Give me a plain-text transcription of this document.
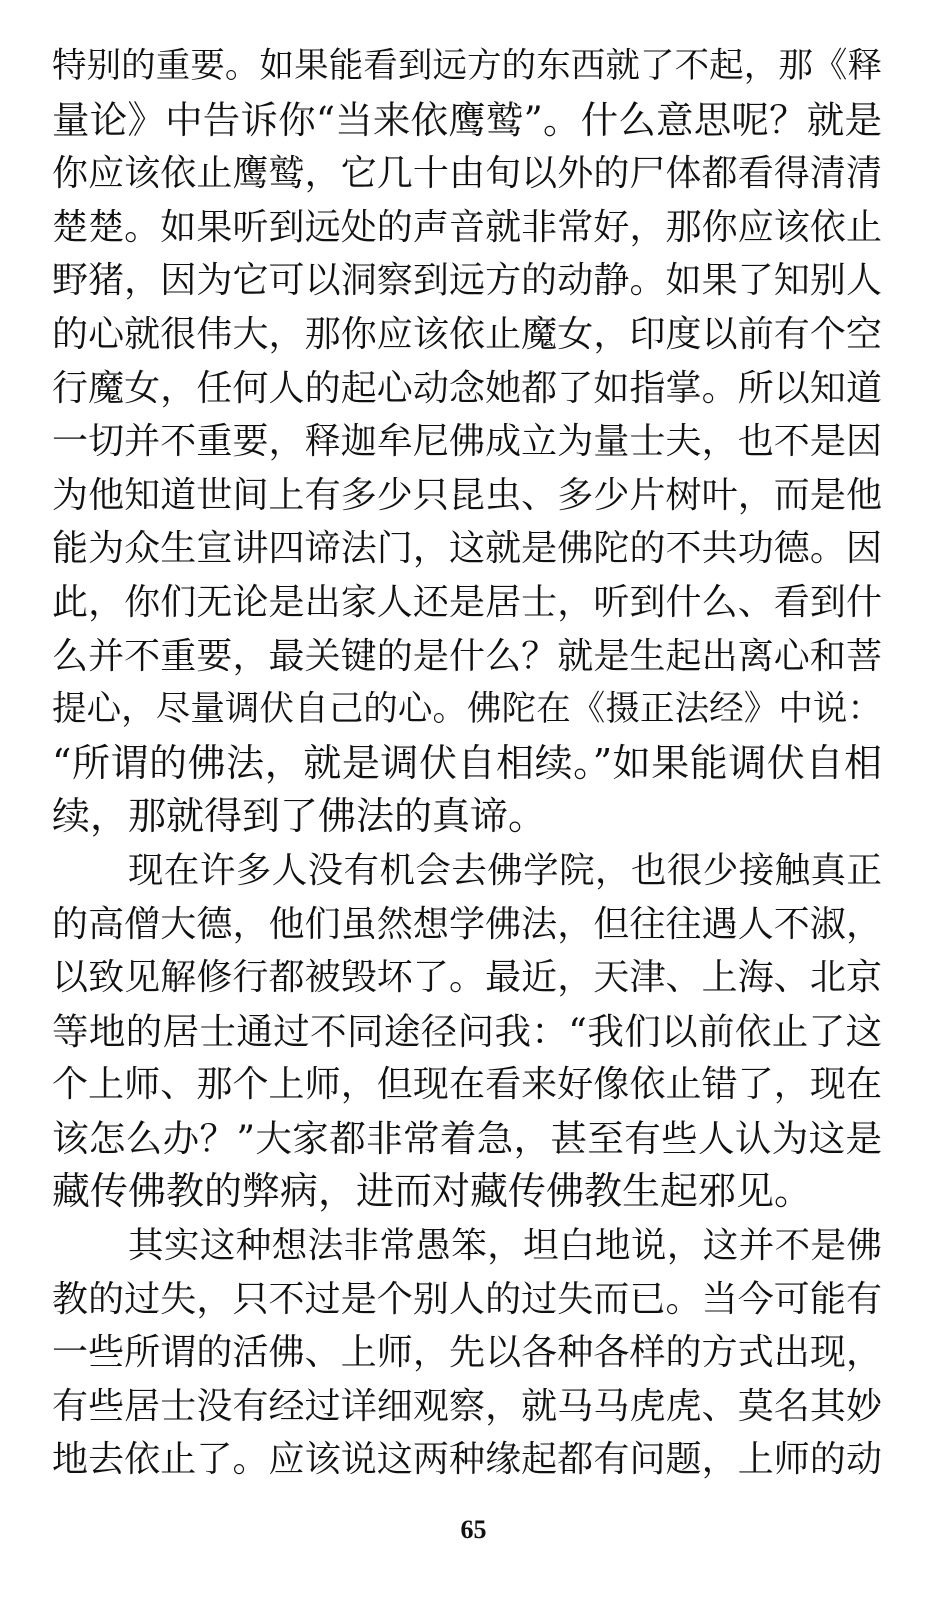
特别的重要。如果能看到远方的东西就了不起，那《释
量论》中告诉你“当来依鹰鹫”。什么意思呢？就是
你应该依止鹰鹫，它几十由旬以外的尸体都看得清清
楚楚。如果听到远处的声音就非常好，那你应该依止
野猪，因为它可以洞察到远方的动静。如果了知别人
的心就很伟大，那你应该依止魔女，印度以前有个空
行魔女，任何人的起心动念她都了如指掌。所以知道
一切并不重要，释迦牟尼佛成立为量士夫，也不是因
为他知道世间上有多少只昆虫、多少片树叶，而是他
能为众生宣讲四谛法门，这就是佛陀的不共功德。因
此，你们无论是出家人还是居士，听到什么、看到什
么并不重要，最关键的是什么？就是生起出离心和菩
提心，尽量调伏自己的心。佛陀在《摄正法经》中说：
“所谓的佛法，就是调伏自相续。”如果能调伏自相
续，那就得到了佛法的真谛。
现在许多人没有机会去佛学院，也很少接触真正
的高僧大德，他们虽然想学佛法，但往往遇人不淑，
以致见解修行都被毁坏了。最近，天津、上海、北京
等地的居士通过不同途径问我：“我们以前依止了这
个上师、那个上师，但现在看来好像依止错了，现在
该怎么办？”大家都非常着急，甚至有些人认为这是
藏传佛教的弊病，进而对藏传佛教生起邪见。
其实这种想法非常愚笨，坦白地说，这并不是佛
教的过失，只不过是个别人的过失而已。当今可能有
一些所谓的活佛、上师，先以各种各样的方式出现，
有些居士没有经过详细观察，就马马虎虎、莫名其妙
地去依止了。应该说这两种缘起都有问题，上师的动
65
